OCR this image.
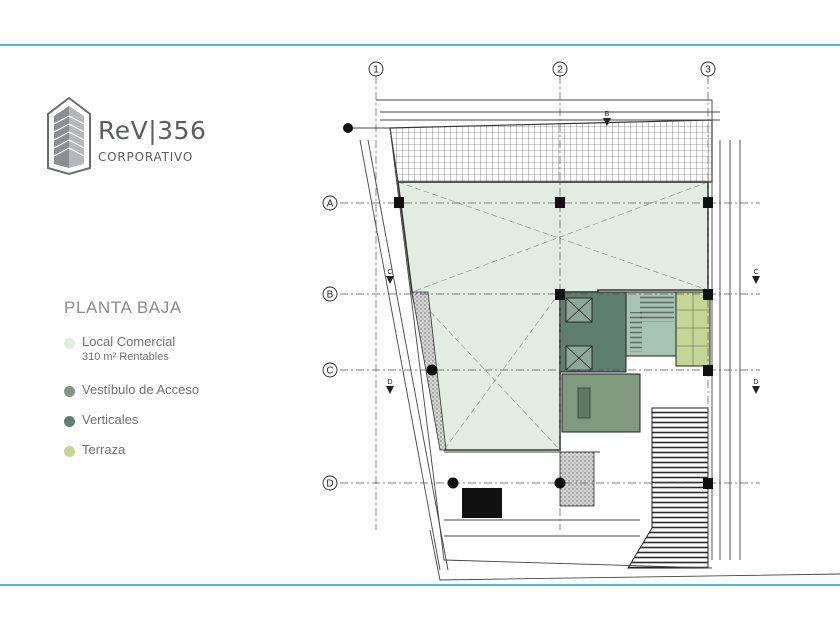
ReV|356
CORPORATIVO
PLANTA BAJA
Local Comercial
310 m² Rentables
Vestíbulo de Acceso
Verticales
Terraza
1	2	3
A
B
C
D
B
C	C
D	D
